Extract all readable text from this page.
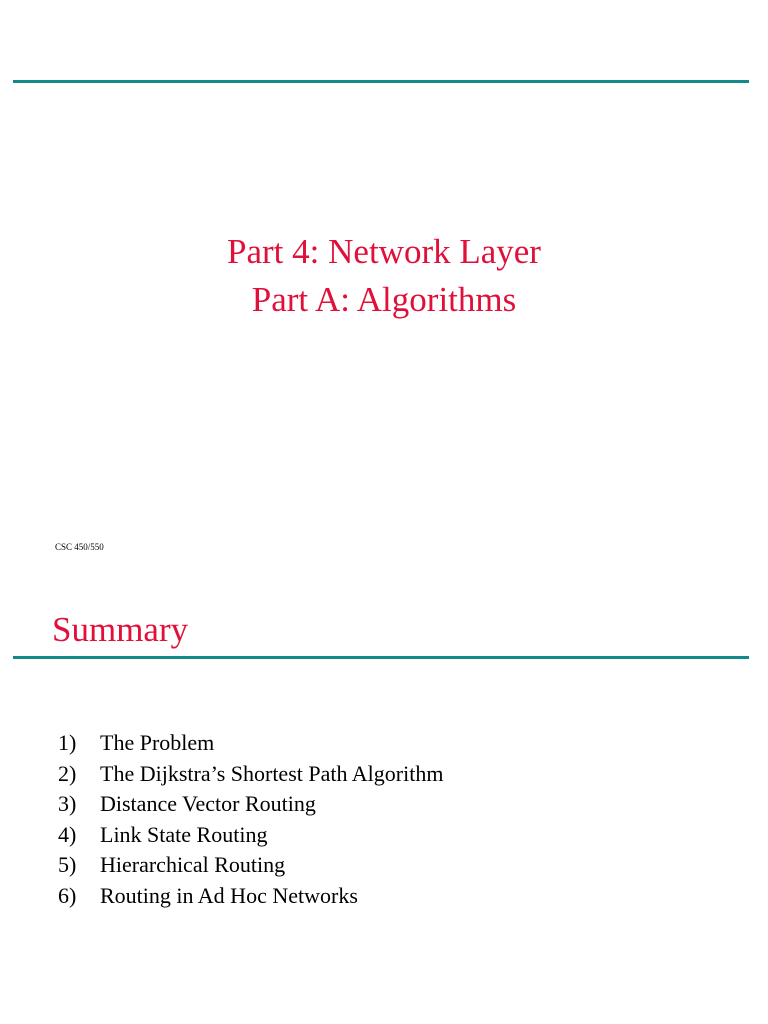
Part 4: Network Layer
Part A: Algorithms
CSC 450/550
Summary
1)	The Problem
2)	The Dijkstra’s Shortest Path Algorithm
3)	Distance Vector Routing
4)	Link State Routing
5)	Hierarchical Routing
6)	Routing in Ad Hoc Networks
